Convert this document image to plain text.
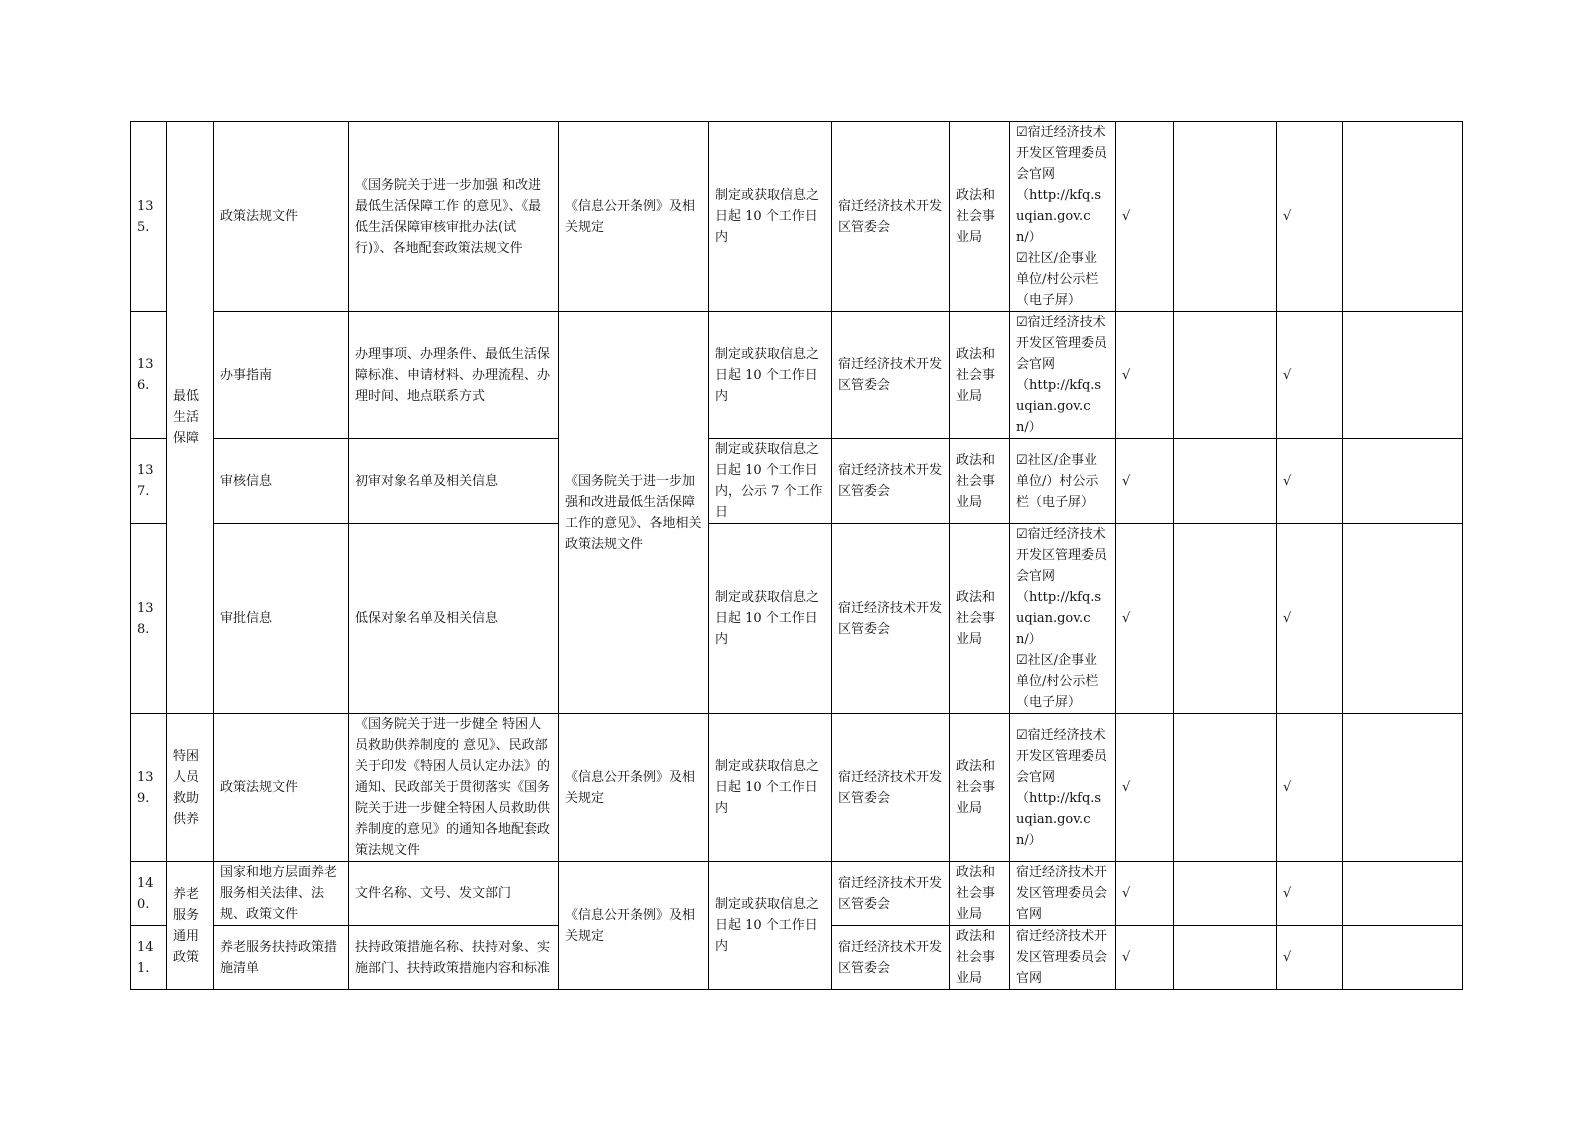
135.	最低生活保障	政策法规文件	《国务院关于进一步加强 和改进最低生活保障工作 的意见》、《最低生活保障审核审批办法(试行)》、各地配套政策法规文件	《信息公开条例》及相关规定	制定或获取信息之日起 10 个工作日内	宿迁经济技术开发区管委会	政法和社会事业局	☑宿迁经济技术开发区管理委员会官网
（http://kfq.suqian.gov.cn/）
☑社区/企事业单位/村公示栏（电子屏）	√		√	
136.		办事指南	办理事项、办理条件、最低生活保障标准、申请材料、办理流程、办理时间、地点联系方式	《国务院关于进一步加强和改进最低生活保障工作的意见》、各地相关政策法规文件	制定或获取信息之日起 10 个工作日内	宿迁经济技术开发区管委会	政法和社会事业局	☑宿迁经济技术开发区管理委员会官网
（http://kfq.suqian.gov.cn/）	√		√	
137.		审核信息	初审对象名单及相关信息		制定或获取信息之日起 10 个工作日内，公示 7 个工作日	宿迁经济技术开发区管委会	政法和社会事业局	☑社区/企事业单位/）村公示栏（电子屏）	√		√	
138.		审批信息	低保对象名单及相关信息		制定或获取信息之日起 10 个工作日内	宿迁经济技术开发区管委会	政法和社会事业局	☑宿迁经济技术开发区管理委员会官网
（http://kfq.suqian.gov.cn/）
☑社区/企事业单位/村公示栏（电子屏）	√		√	
139.	特困人员救助供养	政策法规文件	《国务院关于进一步健全 特困人员救助供养制度的 意见》、民政部关于印发《特困人员认定办法》的通知、民政部关于贯彻落实《国务院关于进一步健全特困人员救助供养制度的意见》的通知各地配套政策法规文件	《信息公开条例》及相关规定	制定或获取信息之日起 10 个工作日内	宿迁经济技术开发区管委会	政法和社会事业局	☑宿迁经济技术开发区管理委员会官网
（http://kfq.suqian.gov.cn/）	√		√	
140.	养老服务通用政策	国家和地方层面养老服务相关法律、法规、政策文件	文件名称、文号、发文部门	《信息公开条例》及相关规定	制定或获取信息之日起 10 个工作日内	宿迁经济技术开发区管委会	政法和社会事业局	宿迁经济技术开发区管理委员会官网	√		√	
141.		养老服务扶持政策措施清单	扶持政策措施名称、扶持对象、实施部门、扶持政策措施内容和标准			宿迁经济技术开发区管委会	政法和社会事业局	宿迁经济技术开发区管理委员会官网	√		√	
